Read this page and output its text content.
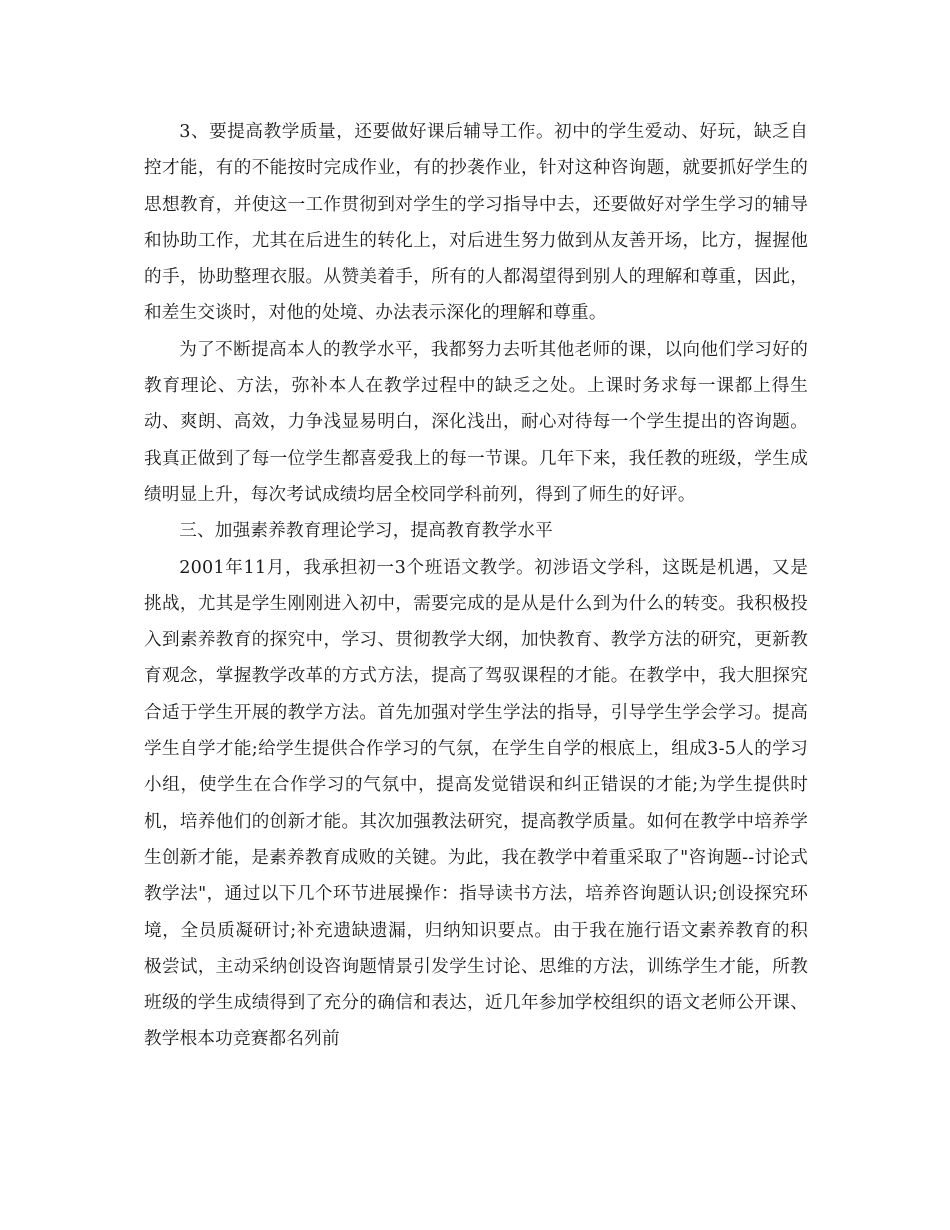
3、要提高教学质量，还要做好课后辅导工作。初中的学生爱动、好玩，缺乏自控才能，有的不能按时完成作业，有的抄袭作业，针对这种咨询题，就要抓好学生的思想教育，并使这一工作贯彻到对学生的学习指导中去，还要做好对学生学习的辅导和协助工作，尤其在后进生的转化上，对后进生努力做到从友善开场，比方，握握他的手，协助整理衣服。从赞美着手，所有的人都渴望得到别人的理解和尊重，因此，和差生交谈时，对他的处境、办法表示深化的理解和尊重。

为了不断提高本人的教学水平，我都努力去听其他老师的课，以向他们学习好的教育理论、方法，弥补本人在教学过程中的缺乏之处。上课时务求每一课都上得生动、爽朗、高效，力争浅显易明白，深化浅出，耐心对待每一个学生提出的咨询题。我真正做到了每一位学生都喜爱我上的每一节课。几年下来，我任教的班级，学生成绩明显上升，每次考试成绩均居全校同学科前列，得到了师生的好评。

三、加强素养教育理论学习，提高教育教学水平

2001年11月，我承担初一3个班语文教学。初涉语文学科，这既是机遇，又是挑战，尤其是学生刚刚进入初中，需要完成的是从是什么到为什么的转变。我积极投入到素养教育的探究中，学习、贯彻教学大纲，加快教育、教学方法的研究，更新教育观念，掌握教学改革的方式方法，提高了驾驭课程的才能。在教学中，我大胆探究合适于学生开展的教学方法。首先加强对学生学法的指导，引导学生学会学习。提高学生自学才能;给学生提供合作学习的气氛，在学生自学的根底上，组成3-5人的学习小组，使学生在合作学习的气氛中，提高发觉错误和纠正错误的才能;为学生提供时机，培养他们的创新才能。其次加强教法研究，提高教学质量。如何在教学中培养学生创新才能，是素养教育成败的关键。为此，我在教学中着重采取了"咨询题--讨论式教学法"，通过以下几个环节进展操作：指导读书方法，培养咨询题认识;创设探究环境，全员质凝研讨;补充遗缺遗漏，归纳知识要点。由于我在施行语文素养教育的积极尝试，主动采纳创设咨询题情景引发学生讨论、思维的方法，训练学生才能，所教班级的学生成绩得到了充分的确信和表达，近几年参加学校组织的语文老师公开课、教学根本功竞赛都名列前
